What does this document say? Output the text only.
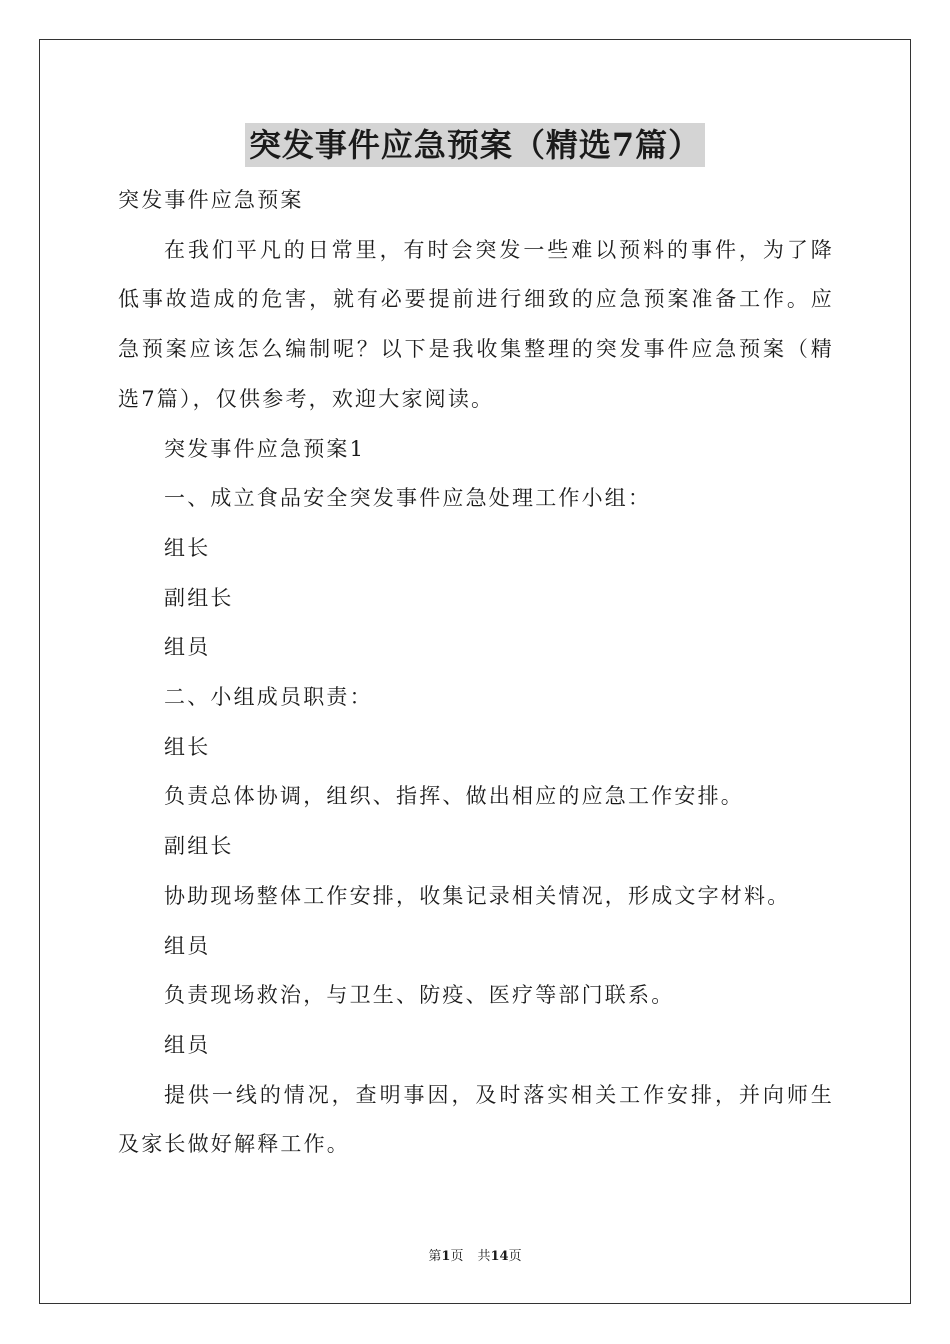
突发事件应急预案（精选7篇）

突发事件应急预案

在我们平凡的日常里，有时会突发一些难以预料的事件，为了降低事故造成的危害，就有必要提前进行细致的应急预案准备工作。应急预案应该怎么编制呢？以下是我收集整理的突发事件应急预案（精选7篇），仅供参考，欢迎大家阅读。

突发事件应急预案1

一、成立食品安全突发事件应急处理工作小组：

组长

副组长

组员

二、小组成员职责：

组长

负责总体协调，组织、指挥、做出相应的应急工作安排。

副组长

协助现场整体工作安排，收集记录相关情况，形成文字材料。

组员

负责现场救治，与卫生、防疫、医疗等部门联系。

组员

提供一线的情况，查明事因，及时落实相关工作安排，并向师生及家长做好解释工作。

第1页 共14页
